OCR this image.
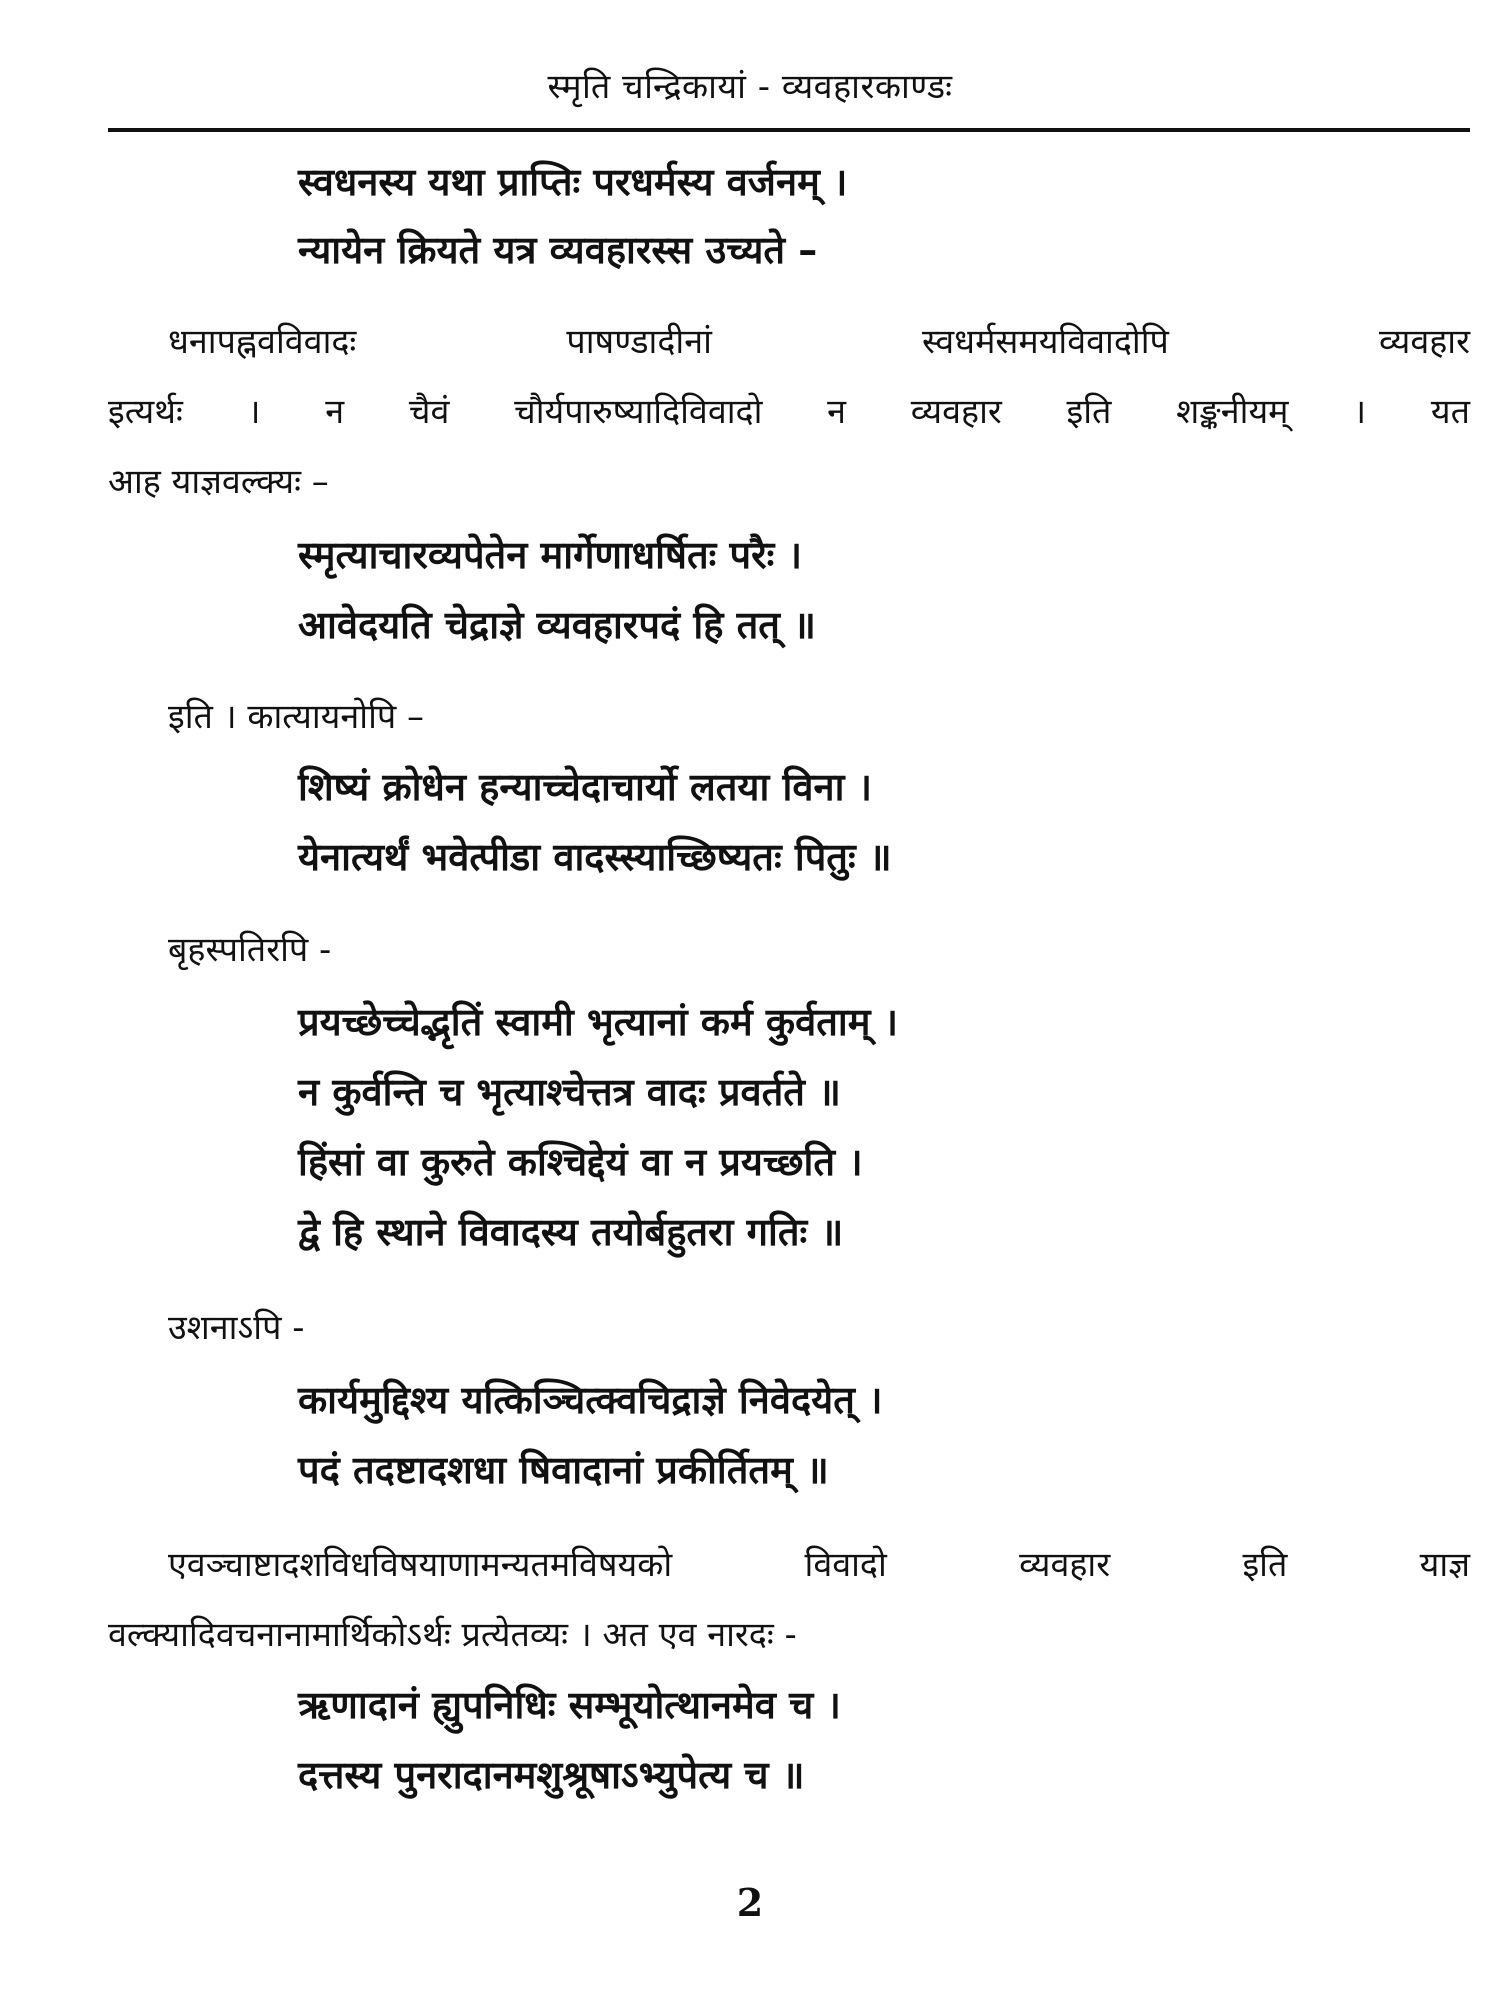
स्मृति चन्द्रिकायां - व्यवहारकाण्डः
स्वधनस्य यथा प्राप्तिः परधर्मस्य वर्जनम् ।
न्यायेन क्रियते यत्र व्यवहारस्स उच्यते –
धनापह्नवविवादः पाषण्डादीनां स्वधर्मसमयविवादोपि व्यवहार
इत्यर्थः । न चैवं चौर्यपारुष्यादिविवादो न व्यवहार इति शङ्कनीयम् । यत
आह याज्ञवल्क्यः –
स्मृत्याचारव्यपेतेन मार्गेणाधर्षितः परैः ।
आवेदयति चेद्राज्ञे व्यवहारपदं हि तत् ॥
इति । कात्यायनोपि –
शिष्यं क्रोधेन हन्याच्चेदाचार्यो लतया विना ।
येनात्यर्थं भवेत्पीडा वादस्स्याच्छिष्यतः पितुः ॥
बृहस्पतिरपि -
प्रयच्छेच्चेद्भृतिं स्वामी भृत्यानां कर्म कुर्वताम् ।
न कुर्वन्ति च भृत्याश्चेत्तत्र वादः प्रवर्तते ॥
हिंसां वा कुरुते कश्चिद्देयं वा न प्रयच्छति ।
द्वे हि स्थाने विवादस्य तयोर्बहुतरा गतिः ॥
उशनाऽपि -
कार्यमुद्दिश्य यत्किञ्चित्क्वचिद्राज्ञे निवेदयेत् ।
पदं तदष्टादशधा षिवादानां प्रकीर्तितम् ॥
एवञ्चाष्टादशविधविषयाणामन्यतमविषयको विवादो व्यवहार इति याज्ञ
वल्क्यादिवचनानामार्थिकोऽर्थः प्रत्येतव्यः । अत एव नारदः -
ऋणादानं ह्युपनिधिः सम्भूयोत्थानमेव च ।
दत्तस्य पुनरादानमशुश्रूषाऽभ्युपेत्य च ॥
2
